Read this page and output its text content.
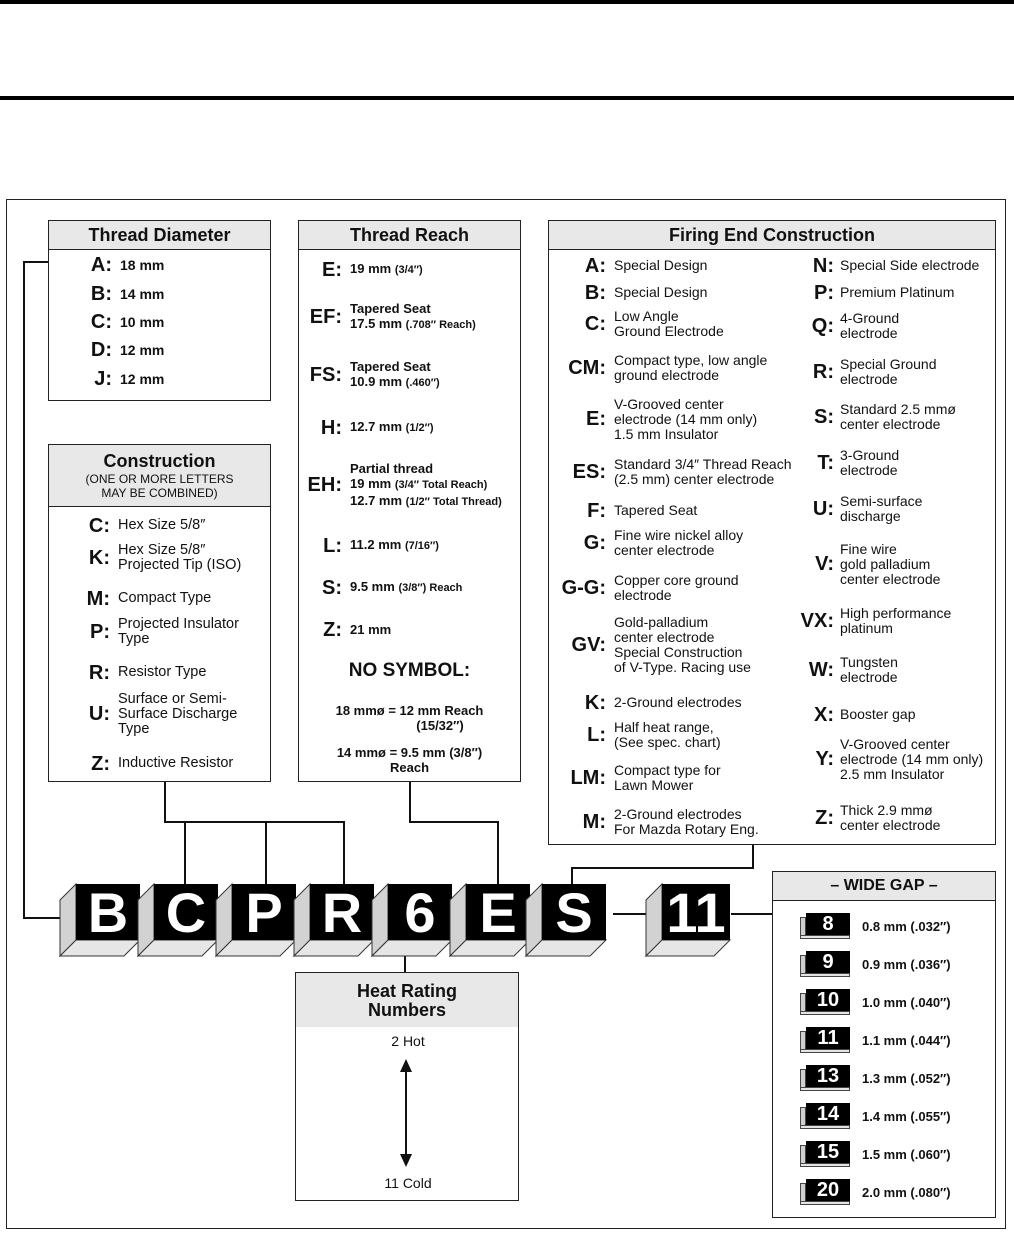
Thread Diameter
A: 18 mm
B: 14 mm
C: 10 mm
D: 12 mm
J: 12 mm
Construction
(ONE OR MORE LETTERS
MAY BE COMBINED)
C: Hex Size 5/8″
K: Hex Size 5/8″
Projected Tip (ISO)
M: Compact Type
P: Projected Insulator
Type
R: Resistor Type
U:
Surface or Semi-
Surface Discharge
Type
Z: Inductive Resistor
Thread Reach
E: 19 mm (3/4″)
EF: Tapered Seat
17.5 mm (.708″ Reach)
FS: Tapered Seat
10.9 mm (.460″)
H: 12.7 mm (1/2″)
EH:
Partial thread
19 mm (3/4″ Total Reach)
12.7 mm (1/2″ Total Thread)
L: 11.2 mm (7/16″)
S: 9.5 mm (3/8″) Reach
Z: 21 mm
NO SYMBOL:
18 mmø = 12 mm Reach
(15/32″)
14 mmø = 9.5 mm (3/8″)
Reach
Firing End Construction
A: Special Design
B: Special Design
C: Low Angle
Ground Electrode
CM: Compact type, low angle
ground electrode
E:
V-Grooved center
electrode (14 mm only)
1.5 mm Insulator
ES: Standard 3/4″ Thread Reach
(2.5 mm) center electrode
F: Tapered Seat
G: Fine wire nickel alloy
center electrode
G-G: Copper core ground
electrode
GV:
Gold-palladium
center electrode
Special Construction
of V-Type. Racing use
K: 2-Ground electrodes
L: Half heat range,
(See spec. chart)
LM: Compact type for
Lawn Mower
M: 2-Ground electrodes
For Mazda Rotary Eng.
N: Special Side electrode
P: Premium Platinum
Q: 4-Ground
electrode
R: Special Ground
electrode
S: Standard 2.5 mmø
center electrode
T: 3-Ground
electrode
U: Semi-surface
discharge
V:
Fine wire
gold palladium
center electrode
VX: High performance
platinum
W: Tungsten
electrode
X: Booster gap
Y:
V-Grooved center
electrode (14 mm only)
2.5 mm Insulator
Z: Thick 2.9 mmø
center electrode
B C P R 6 E S 11
Heat Rating
Numbers
2 Hot
11 Cold
– WIDE GAP –
8	0.8 mm (.032″)
9	0.9 mm (.036″)
10	1.0 mm (.040″)
11	1.1 mm (.044″)
13	1.3 mm (.052″)
14	1.4 mm (.055″)
15	1.5 mm (.060″)
20	2.0 mm (.080″)
